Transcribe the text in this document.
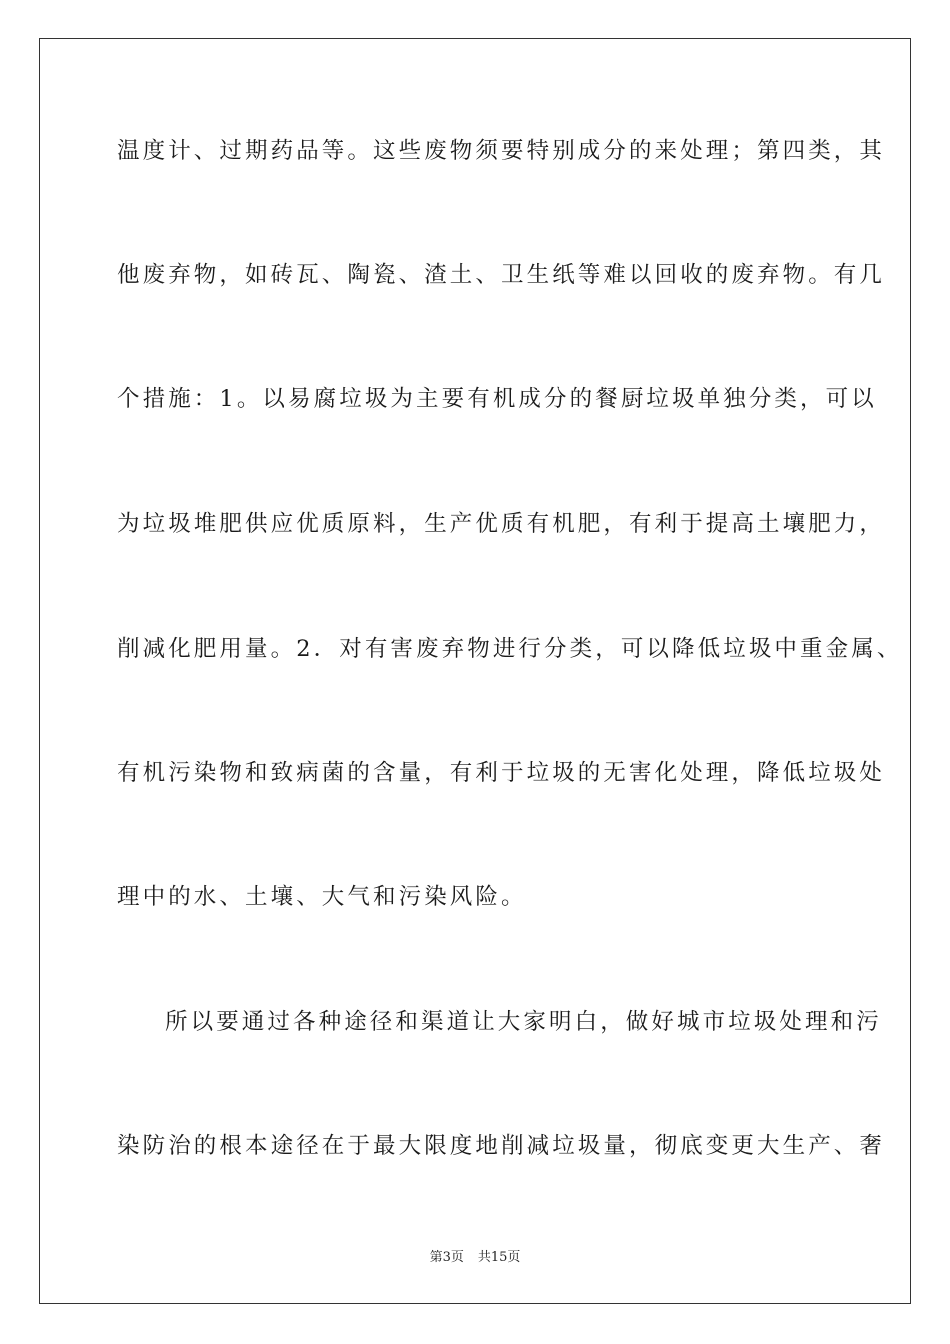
温度计、过期药品等。这些废物须要特别成分的来处理；第四类，其
他废弃物，如砖瓦、陶瓷、渣土、卫生纸等难以回收的废弃物。有几
个措施：1。以易腐垃圾为主要有机成分的餐厨垃圾单独分类，可以
为垃圾堆肥供应优质原料，生产优质有机肥，有利于提高土壤肥力，
削减化肥用量。2．对有害废弃物进行分类，可以降低垃圾中重金属、
有机污染物和致病菌的含量，有利于垃圾的无害化处理，降低垃圾处
理中的水、土壤、大气和污染风险。
所以要通过各种途径和渠道让大家明白，做好城市垃圾处理和污
染防治的根本途径在于最大限度地削减垃圾量，彻底变更大生产、奢
第3页 共15页
